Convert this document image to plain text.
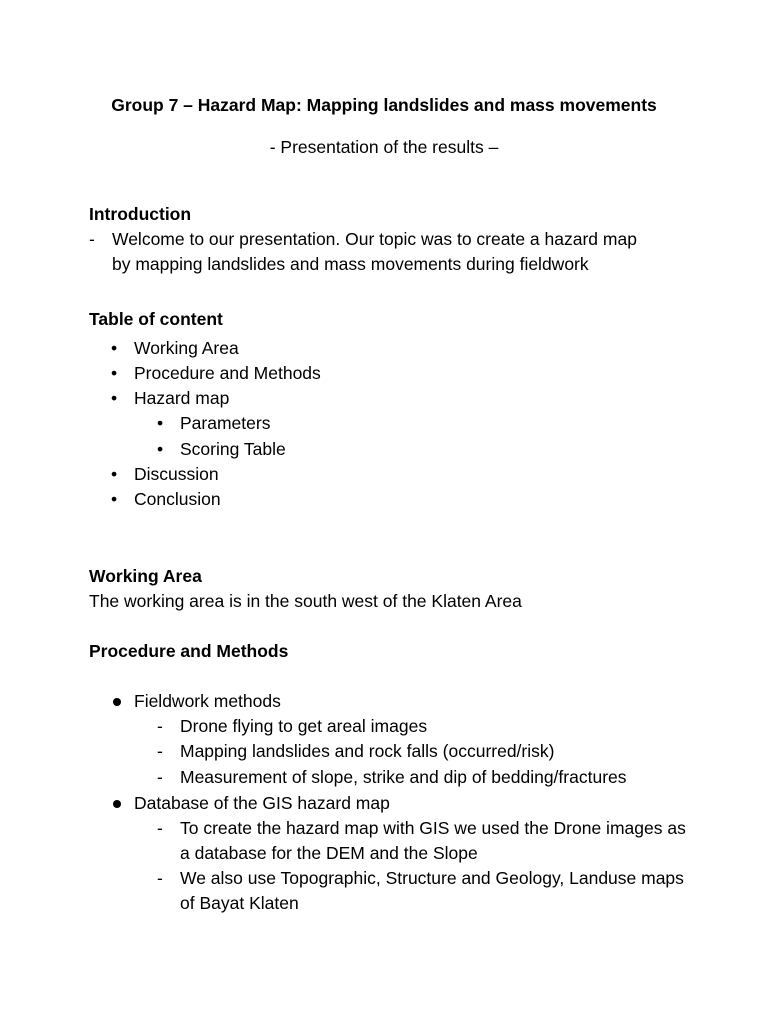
Group 7 – Hazard Map: Mapping landslides and mass movements
- Presentation of the results –
Introduction
- Welcome to our presentation. Our topic was to create a hazard map
by mapping landslides and mass movements during fieldwork
Table of content
• Working Area
• Procedure and Methods
• Hazard map
• Parameters
• Scoring Table
• Discussion
• Conclusion
Working Area
The working area is in the south west of the Klaten Area
Procedure and Methods
Fieldwork methods
- Drone flying to get areal images
- Mapping landslides and rock falls (occurred/risk)
- Measurement of slope, strike and dip of bedding/fractures
Database of the GIS hazard map
- To create the hazard map with GIS we used the Drone images as a database for the DEM and the Slope
- We also use Topographic, Structure and Geology, Landuse maps of Bayat Klaten
